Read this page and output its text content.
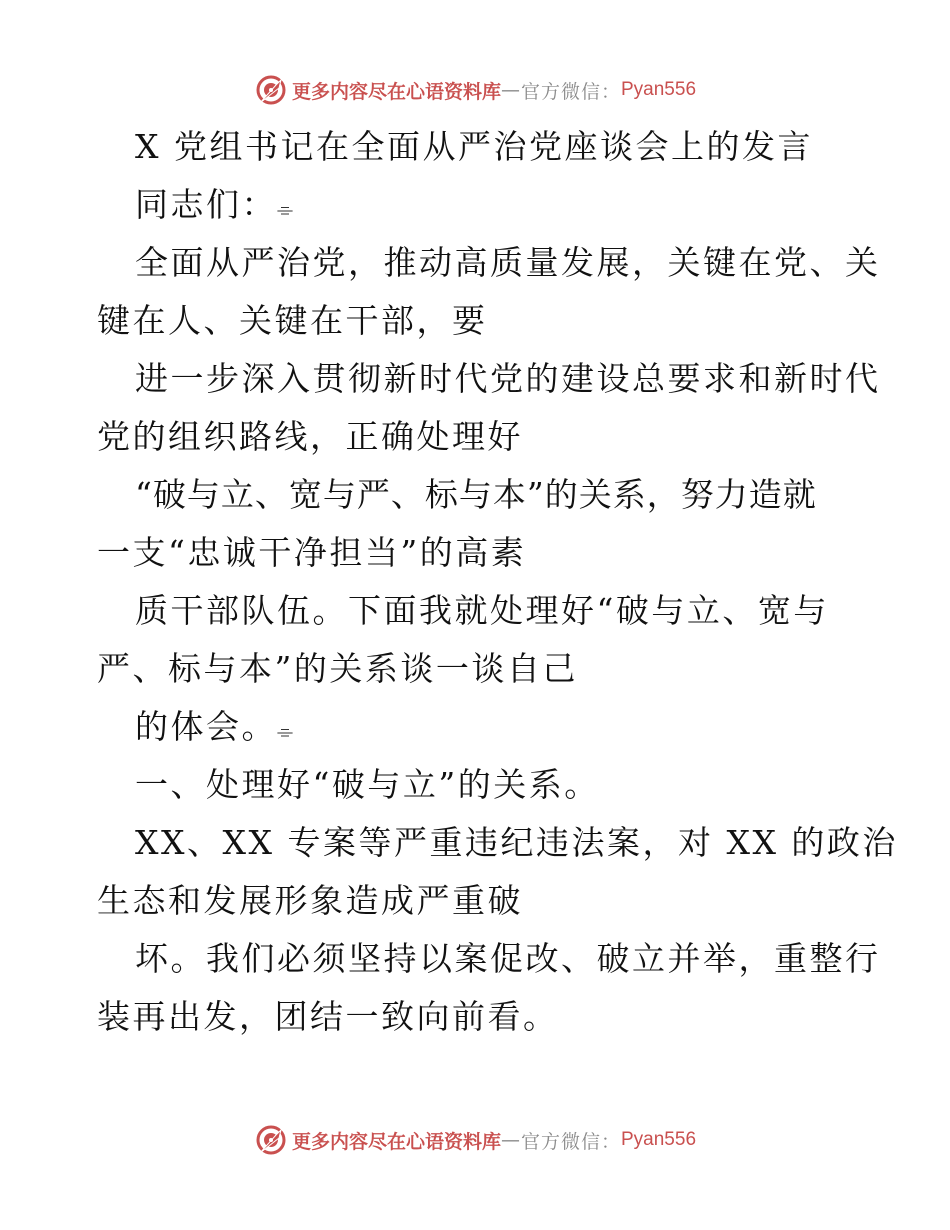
更多内容尽在心语资料库 — 官方微信： Pyan556
X 党组书记在全面从严治党座谈会上的发言
同志们：⌯
全面从严治党，推动高质量发展，关键在党、关
键在人、关键在干部，要
进一步深入贯彻新时代党的建设总要求和新时代
党的组织路线，正确处理好
“破与立、宽与严、标与本”的关系，努力造就
一支“忠诚干净担当”的高素
质干部队伍。下面我就处理好“破与立、宽与
严、标与本”的关系谈一谈自己
的体会。⌯
一、处理好“破与立”的关系。
XX、XX 专案等严重违纪违法案，对 XX 的政治
生态和发展形象造成严重破
坏。我们必须坚持以案促改、破立并举，重整行
装再出发，团结一致向前看。
更多内容尽在心语资料库 — 官方微信： Pyan556
